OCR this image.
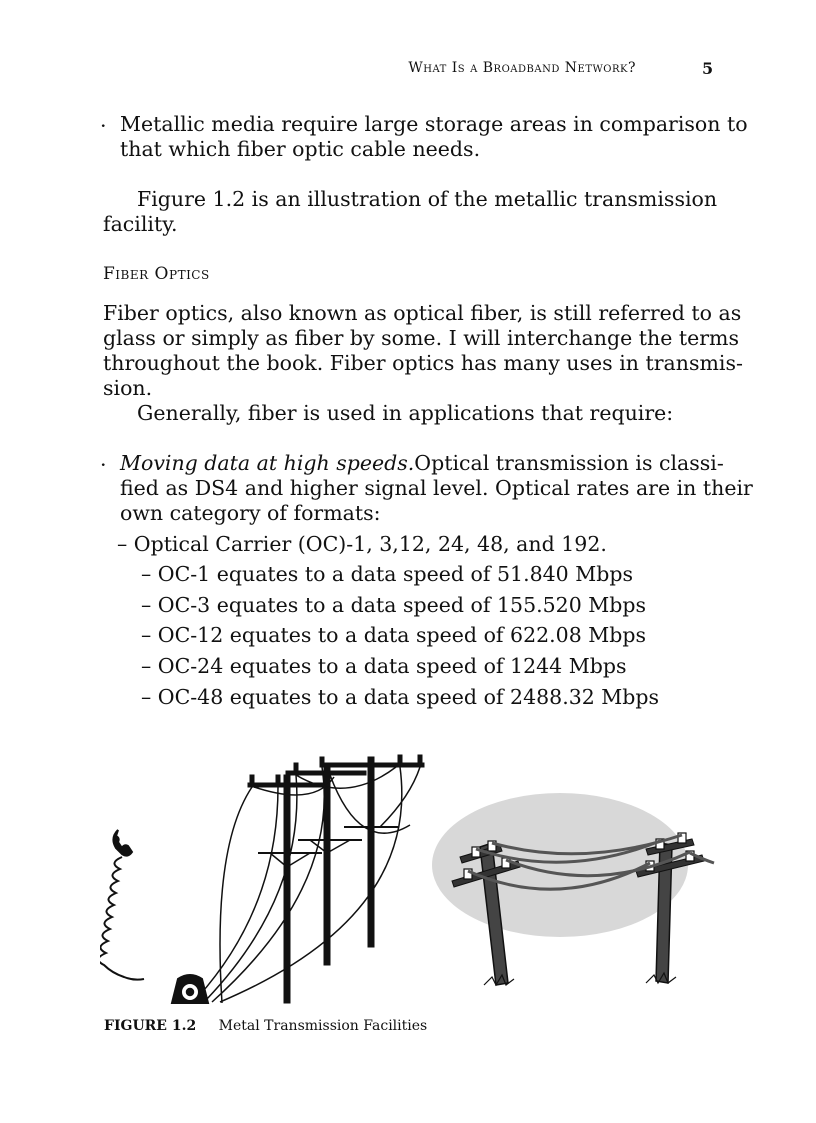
What Is a Broadband Network?	5
· Metallic media require large storage areas in comparison to
that which fiber optic cable needs.
Figure 1.2 is an illustration of the metallic transmission
facility.
Fiber Optics
Fiber optics, also known as optical fiber, is still referred to as
glass or simply as fiber by some. I will interchange the terms
throughout the book. Fiber optics has many uses in transmis-
sion.
Generally, fiber is used in applications that require:
· Moving data at high speeds. Optical transmission is classi-
fied as DS4 and higher signal level. Optical rates are in their
own category of formats:
– Optical Carrier (OC)-1, 3,12, 24, 48, and 192.
– OC-1 equates to a data speed of 51.840 Mbps
– OC-3 equates to a data speed of 155.520 Mbps
– OC-12 equates to a data speed of 622.08 Mbps
– OC-24 equates to a data speed of 1244 Mbps
– OC-48 equates to a data speed of 2488.32 Mbps
FIGURE 1.2 Metal Transmission Facilities
